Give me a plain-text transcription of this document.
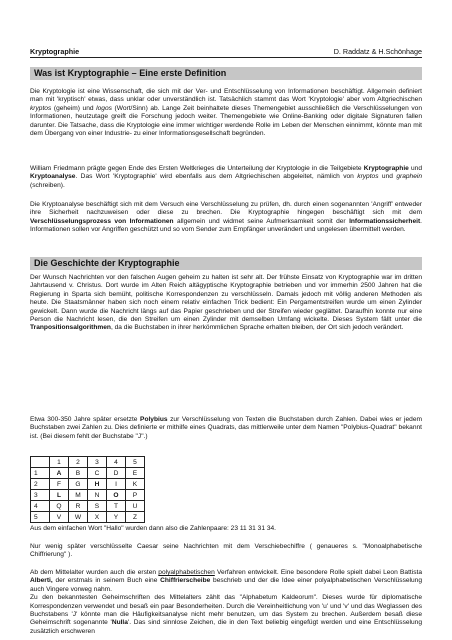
Kryptographie	D. Raddatz & H.Schönhage
Was ist Kryptographie – Eine erste Definition
Die Kryptologie ist eine Wissenschaft, die sich mit der Ver- und Entschlüsselung von Informationen beschäftigt. Allgemein definiert man mit 'kryptisch' etwas, dass unklar oder unverständlich ist. Tatsächlich stammt das Wort 'Kryptologie' aber vom Altgriechischen kryptos (geheim) und logos (Wort/Sinn) ab. Lange Zeit beinhaltete dieses Themengebiet ausschließlich die Verschlüsselungen von Informationen, heutzutage greift die Forschung jedoch weiter. Themengebiete wie Online-Banking oder digitale Signaturen fallen darunter. Die Tatsache, dass die Kryptologie eine immer wichtiger werdende Rolle im Leben der Menschen einnimmt, könnte man mit dem Übergang von einer Industrie- zu einer Informationsgesellschaft begründen.
William Friedmann prägte gegen Ende des Ersten Weltkrieges die Unterteilung der Kryptologie in die Teilgebiete Kryptographie und Kryptoanalyse. Das Wort 'Kryptographie' wird ebenfalls aus dem Altgriechischen abgeleitet, nämlich von kryptos und graphein (schreiben).
Die Kryptoanalyse beschäftigt sich mit dem Versuch eine Verschlüsselung zu prüfen, dh. durch einen sogenannten 'Angriff' entweder ihre Sicherheit nachzuweisen oder diese zu brechen. Die Kryptographie hingegen beschäftigt sich mit dem Verschlüsselungsprozess von Informationen allgemein und widmet seine Aufmerksamkeit somit der Informationssicherheit. Informationen sollen vor Angriffen geschützt und so vom Sender zum Empfänger unverändert und ungelesen übermittelt werden.
Die Geschichte der Kryptographie
Der Wunsch Nachrichten vor den falschen Augen geheim zu halten ist sehr alt. Der frühste Einsatz von Kryptographie war im dritten Jahrtausend v. Christus. Dort wurde im Alten Reich altägyptische Kryptographie betrieben und vor immerhin 2500 Jahren hat die Regierung in Sparta sich bemüht, politische Korrespondenzen zu verschlüsseln. Damals jedoch mit völlig anderen Methoden als heute. Die Staatsmänner haben sich noch einem relativ einfachen Trick bedient: Ein Pergamentstreifen wurde um einen Zylinder gewickelt. Dann wurde die Nachricht längs auf das Papier geschrieben und der Streifen wieder geglättet. Daraufhin konnte nur eine Person die Nachricht lesen, die den Streifen um einen Zylinder mit demselben Umfang wickelte. Dieses System fällt unter die Tranpositionsalgorithmen, da die Buchstaben in ihrer herkömmlichen Sprache erhalten bleiben, der Ort sich jedoch verändert.
Etwa 300-350 Jahre später ersetzte Polybius zur Verschlüsselung von Texten die Buchstaben durch Zahlen. Dabei wies er jedem Buchstaben zwei Zahlen zu. Dies definierte er mithilfe eines Quadrats, das mittlerweile unter dem Namen "Polybius-Quadrat" bekannt ist. (Bei diesem fehlt der Buchstabe "J".)
	1	2	3	4	5
1	A	B	C	D	E
2	F	G	H	I	K
3	L	M	N	O	P
4	Q	R	S	T	U
5	V	W	X	Y	Z
Aus dem einfachen Wort "Hallo" wurden dann also die Zahlenpaare: 23 11 31 31 34.
Nur wenig später verschlüsselte Caesar seine Nachrichten mit dem Verschiebechiffre ( genaueres s. "Monoalphabetische Chiffrierung" ).
Ab dem Mittelalter wurden auch die ersten polyalphabetischen Verfahren entwickelt. Eine besondere Rolle spielt dabei Leon Battista Alberti, der erstmals in seinem Buch eine Chiffrierscheibe beschrieb und der die Idee einer polyalphabetischen Verschlüsselung auch Vingere vorweg nahm.
Zu den bekanntesten Geheimschriften des Mittelalters zählt das "Alphabetum Kaldeorum". Dieses wurde für diplomatische Korrespondenzen verwendet und besaß ein paar Besonderheiten. Durch die Vereinheitlichung von 'u' und 'v' und das Weglassen des Buchstabens 'J' könnte man die Häufigkeitsanalyse nicht mehr benutzen, um das System zu brechen. Außerdem besaß diese Geheimschrift sogenannte 'Nulla'. Das sind sinnlose Zeichen, die in den Text beliebig eingefügt werden und eine Entschlüsselung zusätzlich erschweren
